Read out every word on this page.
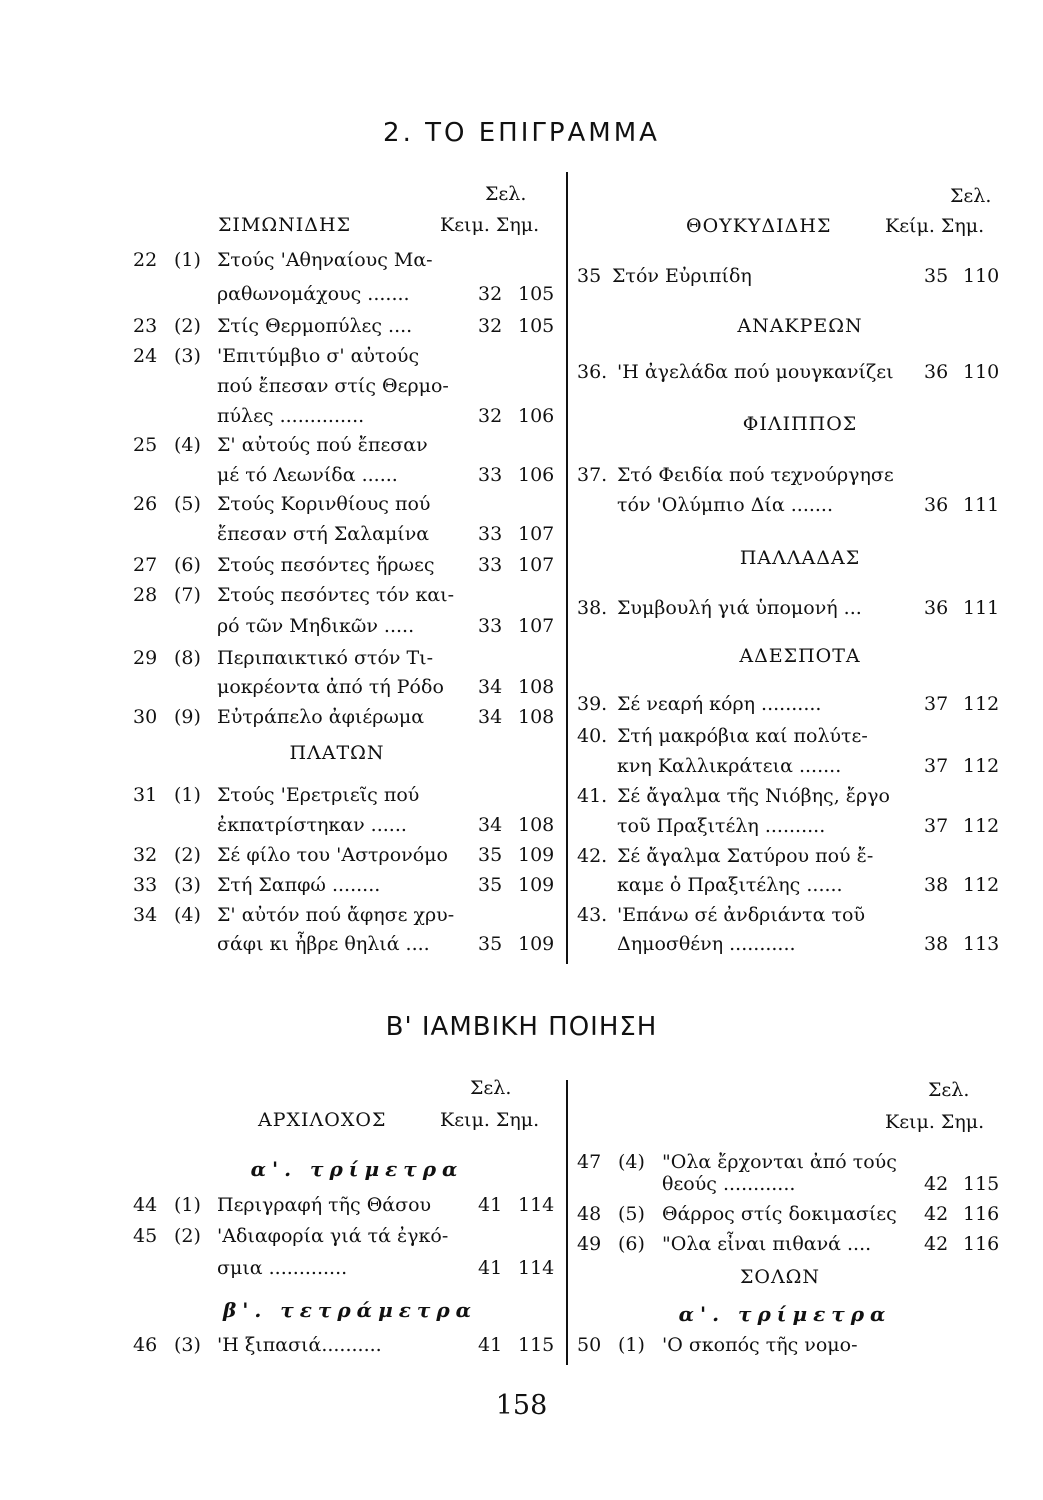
2. ΤΟ ΕΠΙΓΡΑΜΜΑ
Σελ.
ΣΙΜΩΝΙΔΗΣ	Κειμ. Σημ.
22 (1) Στούς 'Αθηναίους Μα-
ραθωνομάχους .......	32 105
23 (2) Στίς Θερμοπύλες ....	32 105
24 (3) 'Επιτύμβιο σ' αὐτούς
πού ἔπεσαν στίς Θερμο-
πύλες ..............	32 106
25 (4) Σ' αὐτούς πού ἔπεσαν
μέ τό Λεωνίδα ......	33 106
26 (5) Στούς Κορινθίους πού
ἔπεσαν στή Σαλαμίνα	33 107
27 (6) Στούς πεσόντες ἥρωες 33 107
28 (7) Στούς πεσόντες τόν και-
ρό τῶν Μηδικῶν .....	33 107
29 (8) Περιπαικτικό στόν Τι-
μοκρέοντα ἀπό τή Ρόδο 34 108
30 (9) Εὐτράπελο ἀφιέρωμα	34 108
ΠΛΑΤΩΝ
31 (1) Στούς 'Ερετριεῖς πού
ἐκπατρίστηκαν ......	34 108
32 (2) Σέ φίλο του 'Αστρονόμο 35 109
33 (3) Στή Σαπφώ ........	35 109
34 (4) Σ' αὐτόν πού ἄφησε χρυ-
σάφι κι ἦβρε θηλιά ....	35 109
Σελ.
ΘΟΥΚΥΔΙΔΗΣ	Κείμ. Σημ.
35 Στόν Εὐριπίδη	35 110
ΑΝΑΚΡΕΩΝ
36. 'Η ἀγελάδα πού μουγκανίζει 36 110
ΦΙΛΙΠΠΟΣ
37. Στό Φειδία πού τεχνούργησε
τόν 'Ολύμπιο Δία .......	36 111
ΠΑΛΛΑΔΑΣ
38. Συμβουλή γιά ὑπομονή ...	36 111
ΑΔΕΣΠΟΤΑ
39. Σέ νεαρή κόρη ..........	37 112
40. Στή μακρόβια καί πολύτε-
κνη Καλλικράτεια .......	37 112
41. Σέ ἄγαλμα τῆς Νιόβης, ἔργο
τοῦ Πραξιτέλη ..........	37 112
42. Σέ ἄγαλμα Σατύρου πού ἔ-
καμε ὁ Πραξιτέλης ......	38 112
43. 'Επάνω σέ ἀνδριάντα τοῦ
Δημοσθένη ...........	38 113
Β' ΙΑΜΒΙΚΗ ΠΟΙΗΣΗ
Σελ.
ΑΡΧΙΛΟΧΟΣ	Κειμ. Σημ.
α'. τρίμετρα
44 (1) Περιγραφή τῆς Θάσου 41 114
45 (2) 'Αδιαφορία γιά τά ἐγκό-
σμια .............	41 114
β'. τετράμετρα
46 (3) 'Η ξιπασιά..........	41 115
Σελ.
Κειμ. Σημ.
47 (4) "Ολα ἔρχονται ἀπό τούς
θεούς ............	42 115
48 (5) Θάρρος στίς δοκιμασίες 42 116
49 (6) "Ολα εἶναι πιθανά ....	42 116
ΣΟΛΩΝ
α'. τρίμετρα
50 (1) 'Ο σκοπός τῆς νομο-
158
